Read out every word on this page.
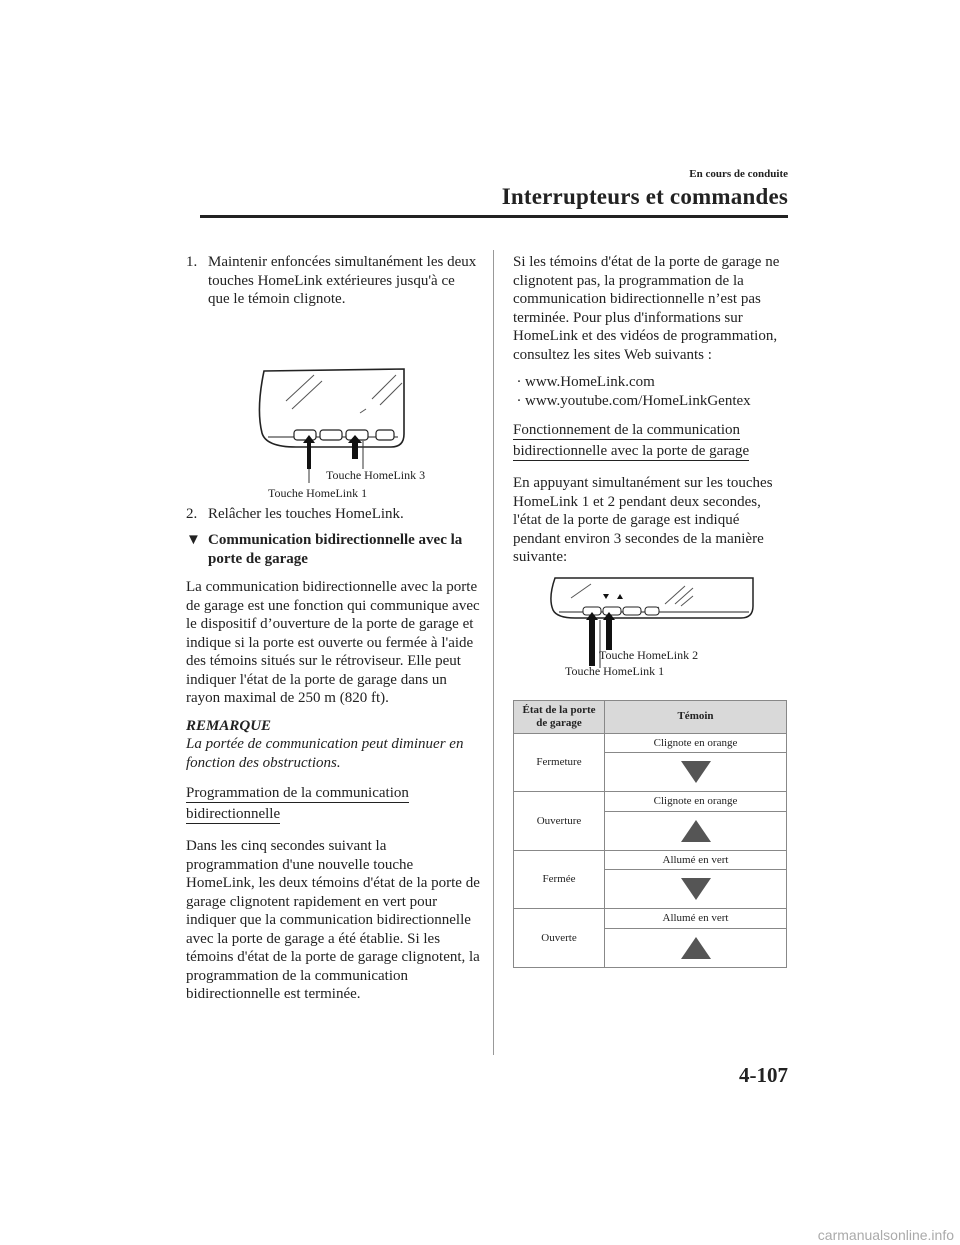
En cours de conduite
Interrupteurs et commandes
1. Maintenir enfoncées simultanément les deux touches HomeLink extérieures jusqu'à ce que le témoin clignote.
Touche HomeLink 3
Touche HomeLink 1
2. Relâcher les touches HomeLink.
▼ Communication bidirectionnelle avec la porte de garage

La communication bidirectionnelle avec la porte de garage est une fonction qui communique avec le dispositif d’ouverture de la porte de garage et indique si la porte est ouverte ou fermée à l'aide des témoins situés sur le rétroviseur. Elle peut indiquer l'état de la porte de garage dans un rayon maximal de 250 m (820 ft).

REMARQUE

La portée de communication peut diminuer en fonction des obstructions.

Programmation de la communication bidirectionnelle

Dans les cinq secondes suivant la programmation d'une nouvelle touche HomeLink, les deux témoins d'état de la porte de garage clignotent rapidement en vert pour indiquer que la communication bidirectionnelle avec la porte de garage a été établie. Si les témoins d'état de la porte de garage clignotent, la programmation de la communication bidirectionnelle est terminée.

Si les témoins d'état de la porte de garage ne clignotent pas, la programmation de la communication bidirectionnelle n’est pas terminée. Pour plus d'informations sur HomeLink et des vidéos de programmation, consultez les sites Web suivants :

· www.HomeLink.com
· www.youtube.com/HomeLinkGentex
Fonctionnement de la communication bidirectionnelle avec la porte de garage

En appuyant simultanément sur les touches HomeLink 1 et 2 pendant deux secondes, l'état de la porte de garage est indiqué pendant environ 3 secondes de la manière suivante:

Touche HomeLink 2
Touche HomeLink 1
État de la porte de garage	Témoin
Fermeture	Clignote en orange

Ouverture	Clignote en orange

Fermée	Allumé en vert

Ouverte	Allumé en vert

4-107
carmanualsonline.info
